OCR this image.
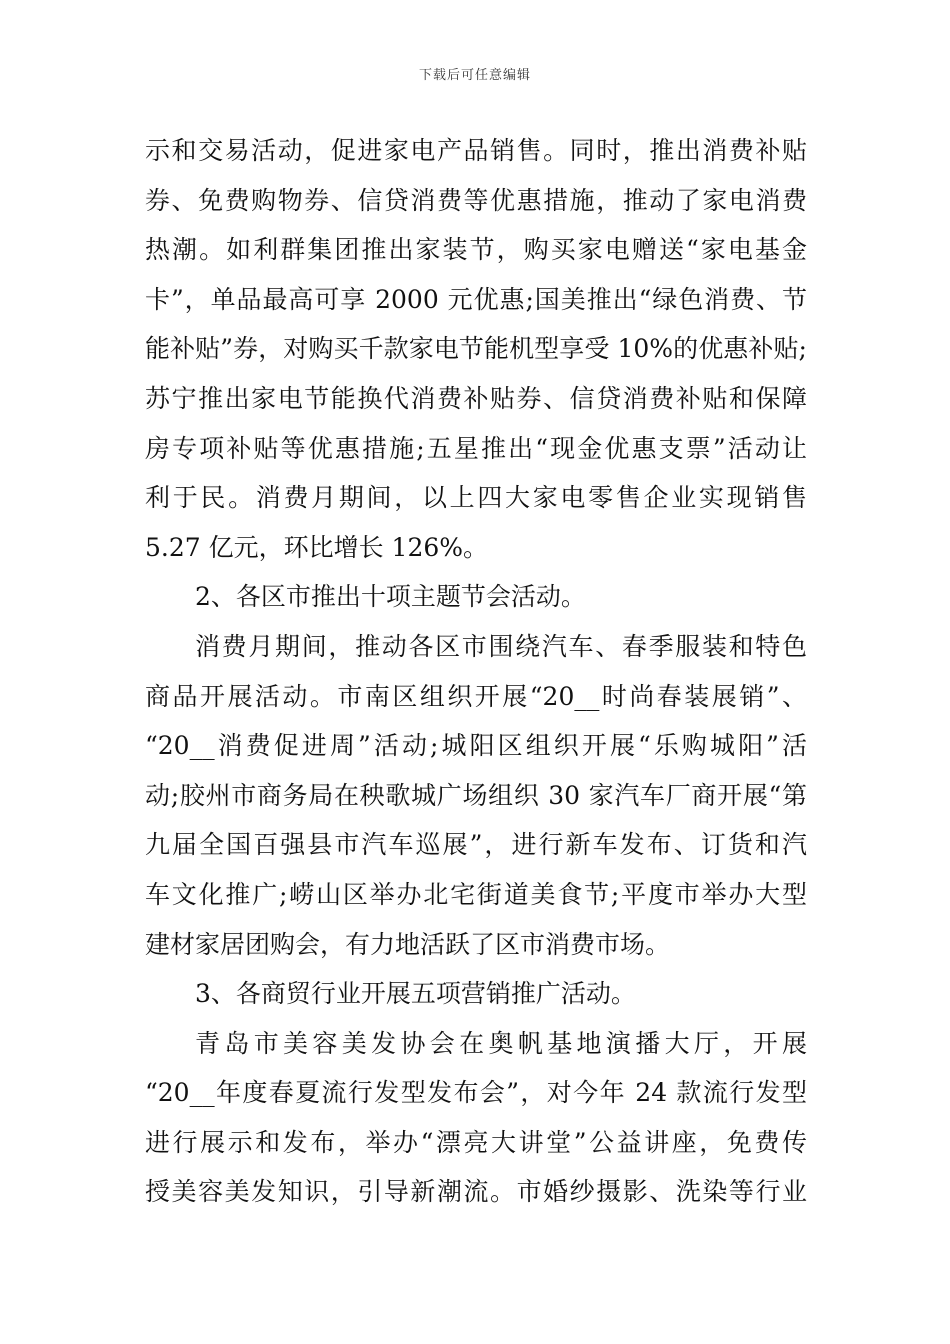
下载后可任意编辑
示和交易活动，促进家电产品销售。同时，推出消费补贴
券、免费购物券、信贷消费等优惠措施，推动了家电消费
热潮。如利群集团推出家装节，购买家电赠送“家电基金
卡”，单品最高可享 2000 元优惠;国美推出“绿色消费、节
能补贴”券，对购买千款家电节能机型享受 10%的优惠补贴;
苏宁推出家电节能换代消费补贴券、信贷消费补贴和保障
房专项补贴等优惠措施;五星推出“现金优惠支票”活动让
利于民。消费月期间，以上四大家电零售企业实现销售
5.27 亿元，环比增长 126%。
2、各区市推出十项主题节会活动。
消费月期间，推动各区市围绕汽车、春季服装和特色
商品开展活动。市南区组织开展“20__时尚春装展销”、
“20__消费促进周”活动;城阳区组织开展“乐购城阳”活
动;胶州市商务局在秧歌城广场组织 30 家汽车厂商开展“第
九届全国百强县市汽车巡展”，进行新车发布、订货和汽
车文化推广;崂山区举办北宅街道美食节;平度市举办大型
建材家居团购会，有力地活跃了区市消费市场。
3、各商贸行业开展五项营销推广活动。
青岛市美容美发协会在奥帆基地演播大厅，开展
“20__年度春夏流行发型发布会”，对今年 24 款流行发型
进行展示和发布，举办“漂亮大讲堂”公益讲座，免费传
授美容美发知识，引导新潮流。市婚纱摄影、洗染等行业
